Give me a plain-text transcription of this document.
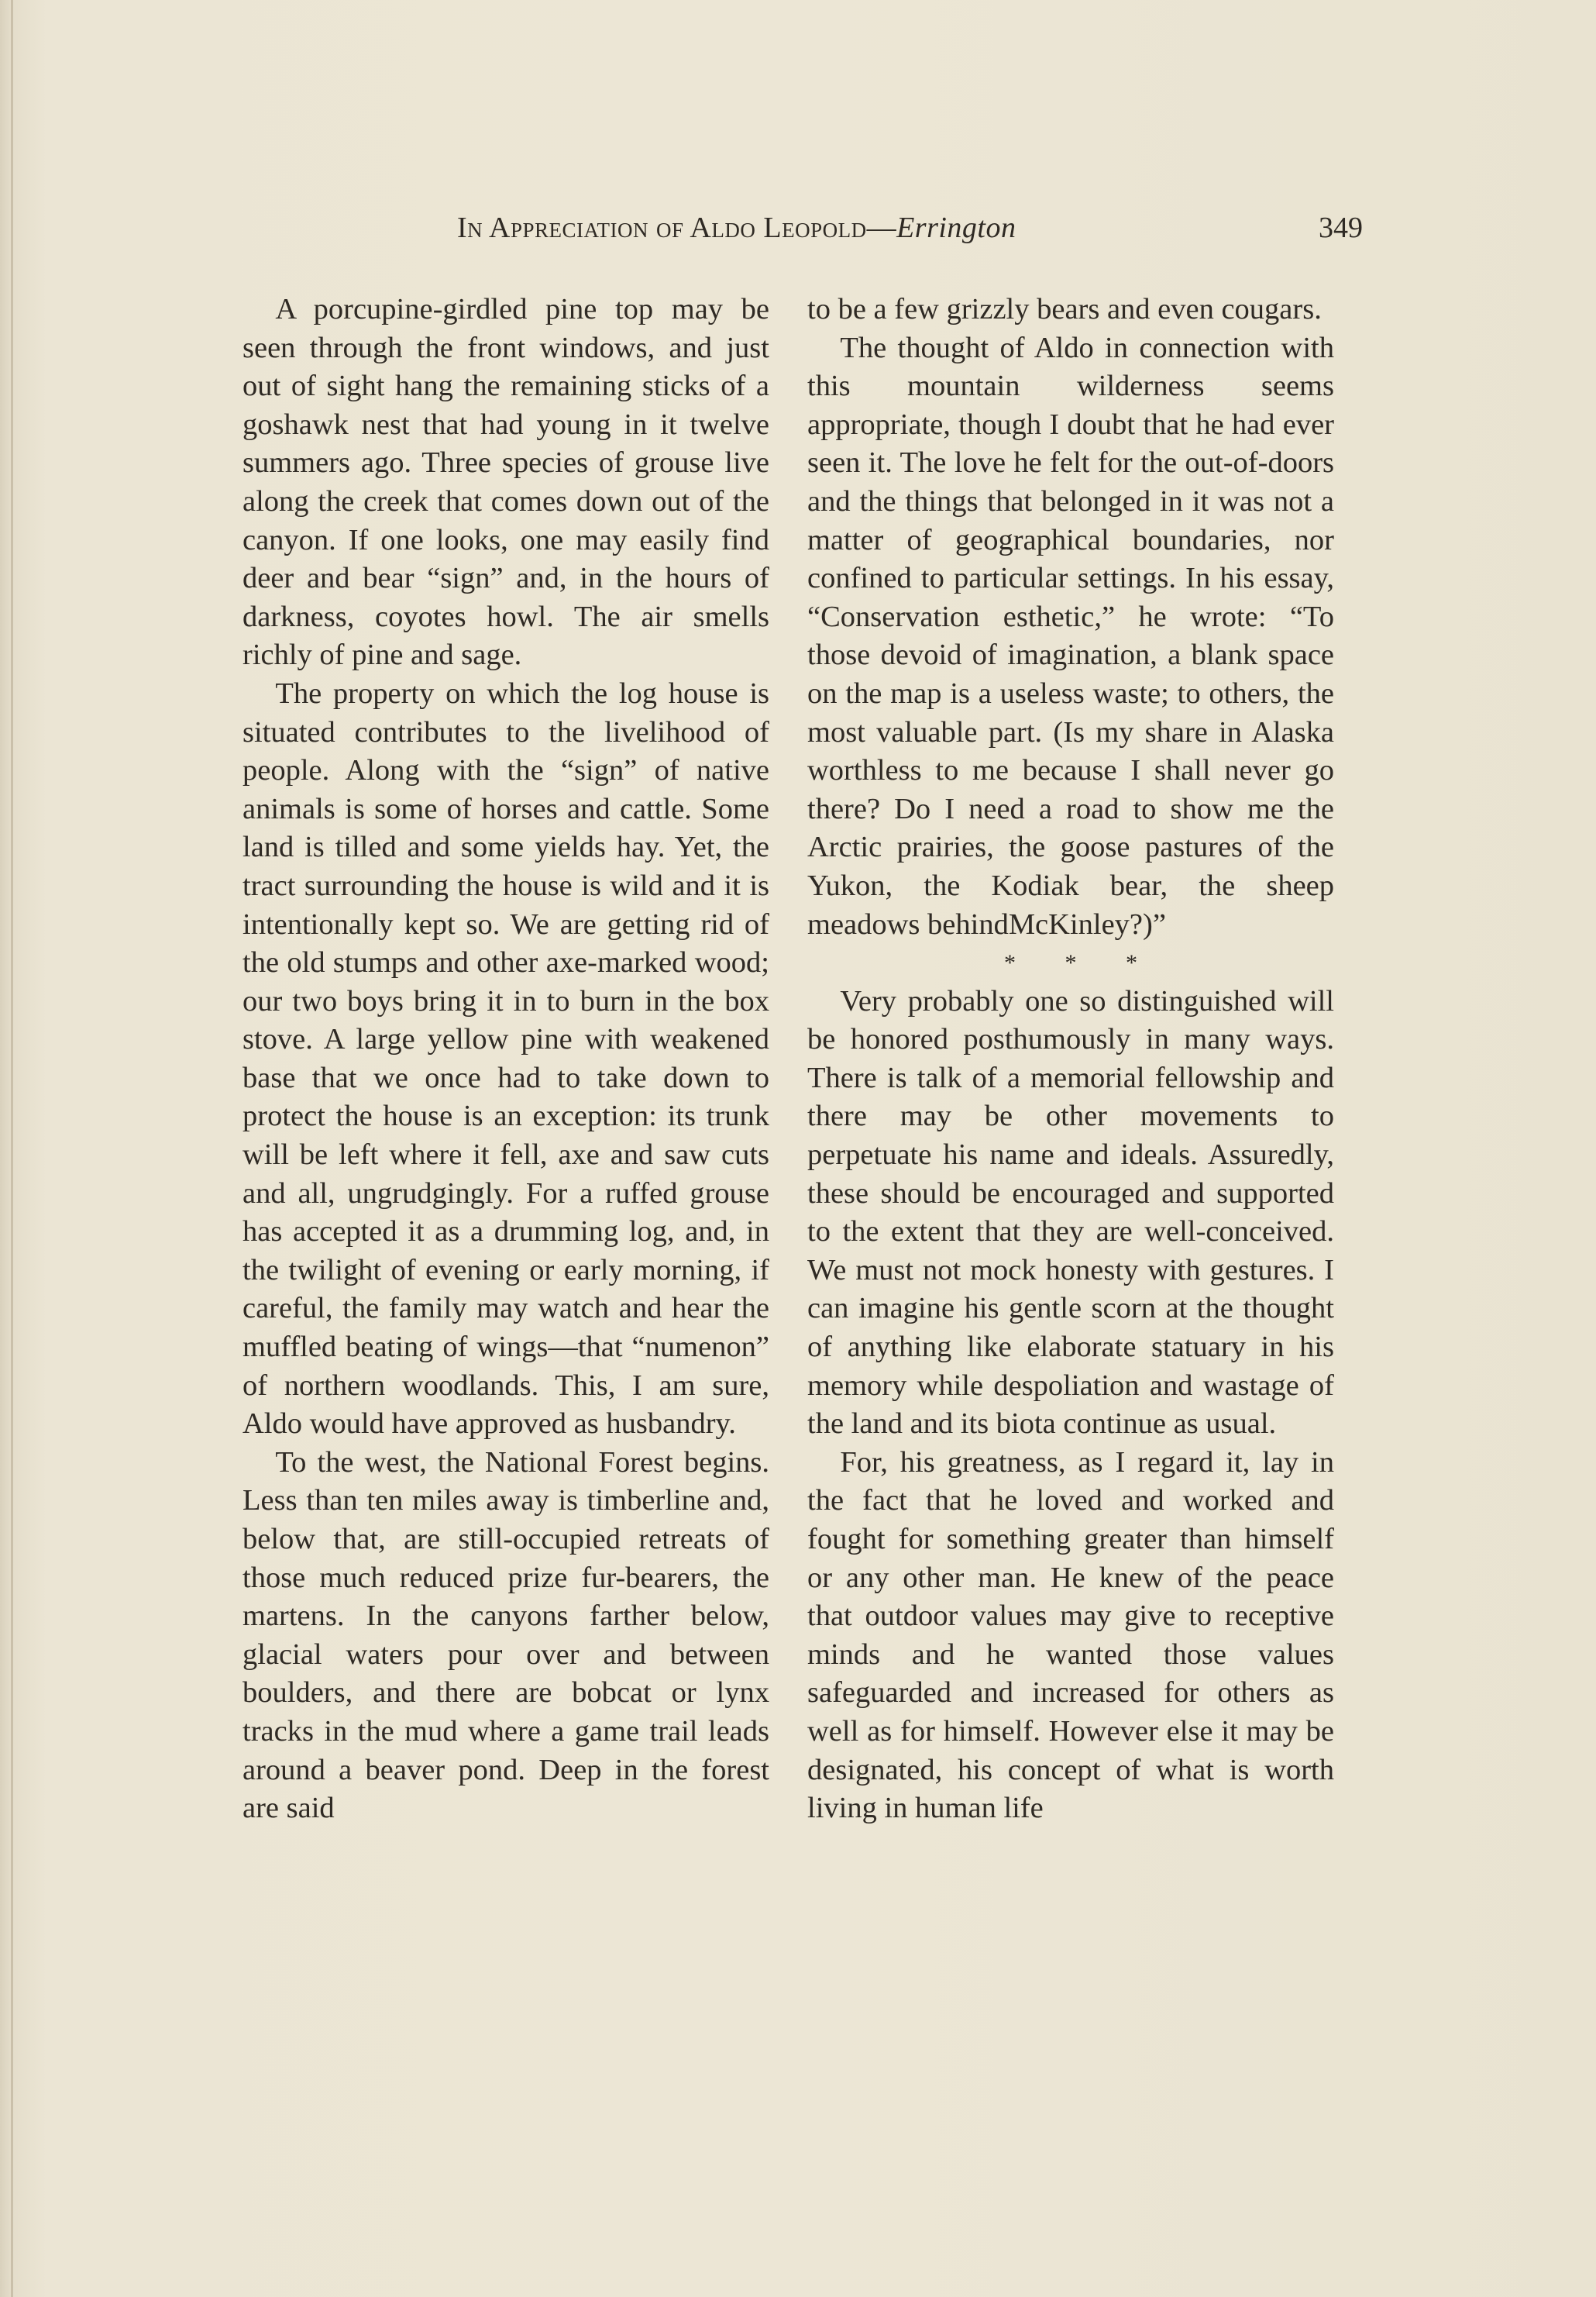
In Appreciation of Aldo Leopold—Errington	349

A porcupine-girdled pine top may be seen through the front windows, and just out of sight hang the remaining sticks of a goshawk nest that had young in it twelve summers ago. Three species of grouse live along the creek that comes down out of the canyon. If one looks, one may easily find deer and bear “sign” and, in the hours of darkness, coyotes howl. The air smells richly of pine and sage.

The property on which the log house is situated contributes to the livelihood of people. Along with the “sign” of native animals is some of horses and cattle. Some land is tilled and some yields hay. Yet, the tract surrounding the house is wild and it is intentionally kept so. We are getting rid of the old stumps and other axe-marked wood; our two boys bring it in to burn in the box stove. A large yellow pine with weakened base that we once had to take down to protect the house is an exception: its trunk will be left where it fell, axe and saw cuts and all, ungrudgingly. For a ruffed grouse has accepted it as a drumming log, and, in the twilight of evening or early morning, if careful, the family may watch and hear the muffled beating of wings—that “numenon” of northern woodlands. This, I am sure, Aldo would have approved as husbandry.

To the west, the National Forest begins. Less than ten miles away is timberline and, below that, are still-occupied retreats of those much reduced prize fur-bearers, the martens. In the canyons farther below, glacial waters pour over and between boulders, and there are bobcat or lynx tracks in the mud where a game trail leads around a beaver pond. Deep in the forest are said

to be a few grizzly bears and even cougars.

The thought of Aldo in connection with this mountain wilderness seems appropriate, though I doubt that he had ever seen it. The love he felt for the out-of-doors and the things that belonged in it was not a matter of geographical boundaries, nor confined to particular settings. In his essay, “Conservation esthetic,” he wrote: “To those devoid of imagination, a blank space on the map is a useless waste; to others, the most valuable part. (Is my share in Alaska worthless to me because I shall never go there? Do I need a road to show me the Arctic prairies, the goose pastures of the Yukon, the Kodiak bear, the sheep meadows behindMcKinley?)”

* * *

Very probably one so distinguished will be honored posthumously in many ways. There is talk of a memorial fellowship and there may be other movements to perpetuate his name and ideals. Assuredly, these should be encouraged and supported to the extent that they are well-conceived. We must not mock honesty with gestures. I can imagine his gentle scorn at the thought of anything like elaborate statuary in his memory while despoliation and wastage of the land and its biota continue as usual.

For, his greatness, as I regard it, lay in the fact that he loved and worked and fought for something greater than himself or any other man. He knew of the peace that outdoor values may give to receptive minds and he wanted those values safeguarded and increased for others as well as for himself. However else it may be designated, his concept of what is worth living in human life
